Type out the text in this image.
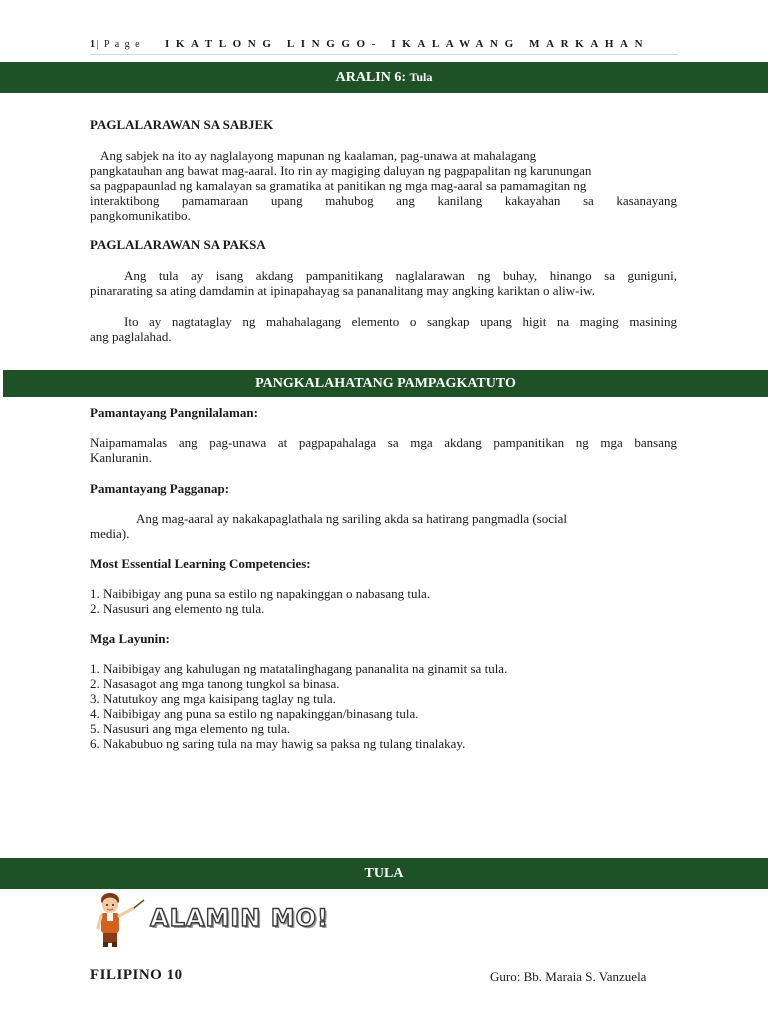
1| P a g e IKATLONG LINGGO- IKALAWANG MARKAHAN
ARALIN 6: Tula
PAGLALARAWAN SA SABJEK
Ang sabjek na ito ay naglalayong mapunan ng kaalaman, pag-unawa at mahalagang
pangkatauhan ang bawat mag-aaral. Ito rin ay magiging daluyan ng pagpapalitan ng karunungan
sa pagpapaunlad ng kamalayan sa gramatika at panitikan ng mga mag-aaral sa pamamagitan ng
interaktibong pamamaraan upang mahubog ang kanilang kakayahan sa kasanayang
pangkomunikatibo.
PAGLALARAWAN SA PAKSA
Ang tula ay isang akdang pampanitikang naglalarawan ng buhay, hinango sa guniguni,
pinararating sa ating damdamin at ipinapahayag sa pananalitang may angking kariktan o aliw-iw.
Ito ay nagtataglay ng mahahalagang elemento o sangkap upang higit na maging masining
ang paglalahad.
PANGKALAHATANG PAMPAGKATUTO
Pamantayang Pangnilalaman:
Naipamamalas ang pag-unawa at pagpapahalaga sa mga akdang pampanitikan ng mga bansang
Kanluranin.
Pamantayang Pagganap:
Ang mag-aaral ay nakakapaglathala ng sariling akda sa hatirang pangmadla (social
media).
Most Essential Learning Competencies:
1. Naibibigay ang puna sa estilo ng napakinggan o nabasang tula.
2. Nasusuri ang elemento ng tula.
Mga Layunin:
1. Naibibigay ang kahulugan ng matatalinghagang pananalita na ginamit sa tula.
2. Nasasagot ang mga tanong tungkol sa binasa.
3. Natutukoy ang mga kaisipang taglay ng tula.
4. Naibibigay ang puna sa estilo ng napakinggan/binasang tula.
5. Nasusuri ang mga elemento ng tula.
6. Nakabubuo ng saring tula na may hawig sa paksa ng tulang tinalakay.
TULA
ALAMIN MO!
FILIPINO 10	Guro: Bb. Maraia S. Vanzuela
